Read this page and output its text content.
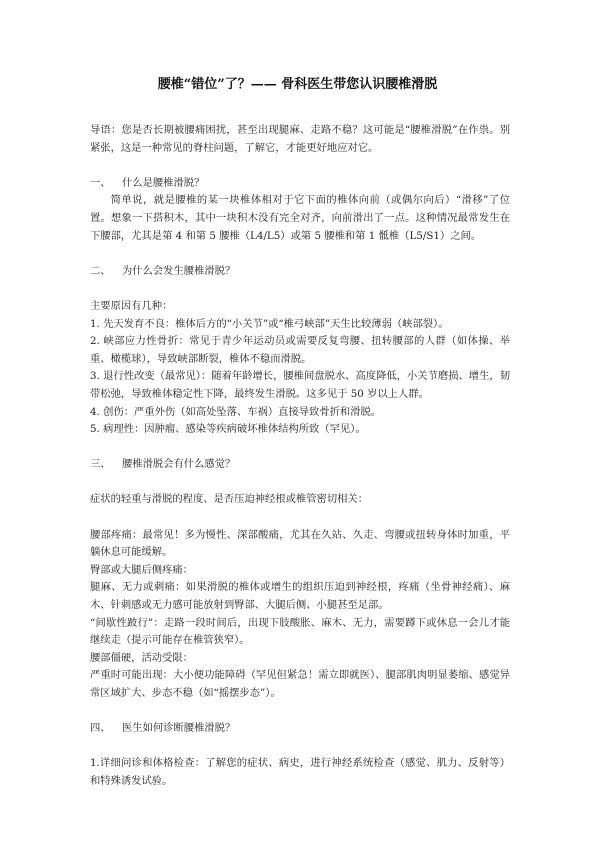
腰椎“错位”了？—— 骨科医生带您认识腰椎滑脱

导语：您是否长期被腰痛困扰，甚至出现腿麻、走路不稳？这可能是“腰椎滑脱”在作祟。别紧张，这是一种常见的脊柱问题，了解它，才能更好地应对它。

一、 什么是腰椎滑脱？

简单说，就是腰椎的某一块椎体相对于它下面的椎体向前（或偶尔向后）“滑移”了位置。想象一下搭积木，其中一块积木没有完全对齐，向前滑出了一点。这种情况最常发生在下腰部，尤其是第 4 和第 5 腰椎（L4/L5）或第 5 腰椎和第 1 骶椎（L5/S1）之间。

二、 为什么会发生腰椎滑脱？

主要原因有几种：

1. 先天发育不良：椎体后方的“小关节”或“椎弓峡部”天生比较薄弱（峡部裂）。

2. 峡部应力性骨折：常见于青少年运动员或需要反复弯腰、扭转腰部的人群（如体操、举重、橄榄球），导致峡部断裂，椎体不稳而滑脱。

3. 退行性改变（最常见）：随着年龄增长，腰椎间盘脱水、高度降低，小关节磨损、增生，韧带松弛，导致椎体稳定性下降，最终发生滑脱。这多见于 50 岁以上人群。

4. 创伤：严重外伤（如高处坠落、车祸）直接导致骨折和滑脱。

5. 病理性：因肿瘤、感染等疾病破坏椎体结构所致（罕见）。

三、 腰椎滑脱会有什么感觉？

症状的轻重与滑脱的程度、是否压迫神经根或椎管密切相关：

腰部疼痛：最常见！多为慢性、深部酸痛，尤其在久站、久走、弯腰或扭转身体时加重，平躺休息可能缓解。

臀部或大腿后侧疼痛：

腿麻、无力或刺痛：如果滑脱的椎体或增生的组织压迫到神经根，疼痛（坐骨神经痛）、麻木、针刺感或无力感可能放射到臀部、大腿后侧、小腿甚至足部。

“间歇性跛行”：走路一段时间后，出现下肢酸胀、麻木、无力，需要蹲下或休息一会儿才能继续走（提示可能存在椎管狭窄）。

腰部僵硬，活动受限：

严重时可能出现：大小便功能障碍（罕见但紧急！需立即就医）、腿部肌肉明显萎缩、感觉异常区域扩大、步态不稳（如“摇摆步态”）。

四、 医生如何诊断腰椎滑脱？

1.详细问诊和体格检查：了解您的症状、病史，进行神经系统检查（感觉、肌力、反射等）和特殊诱发试验。
